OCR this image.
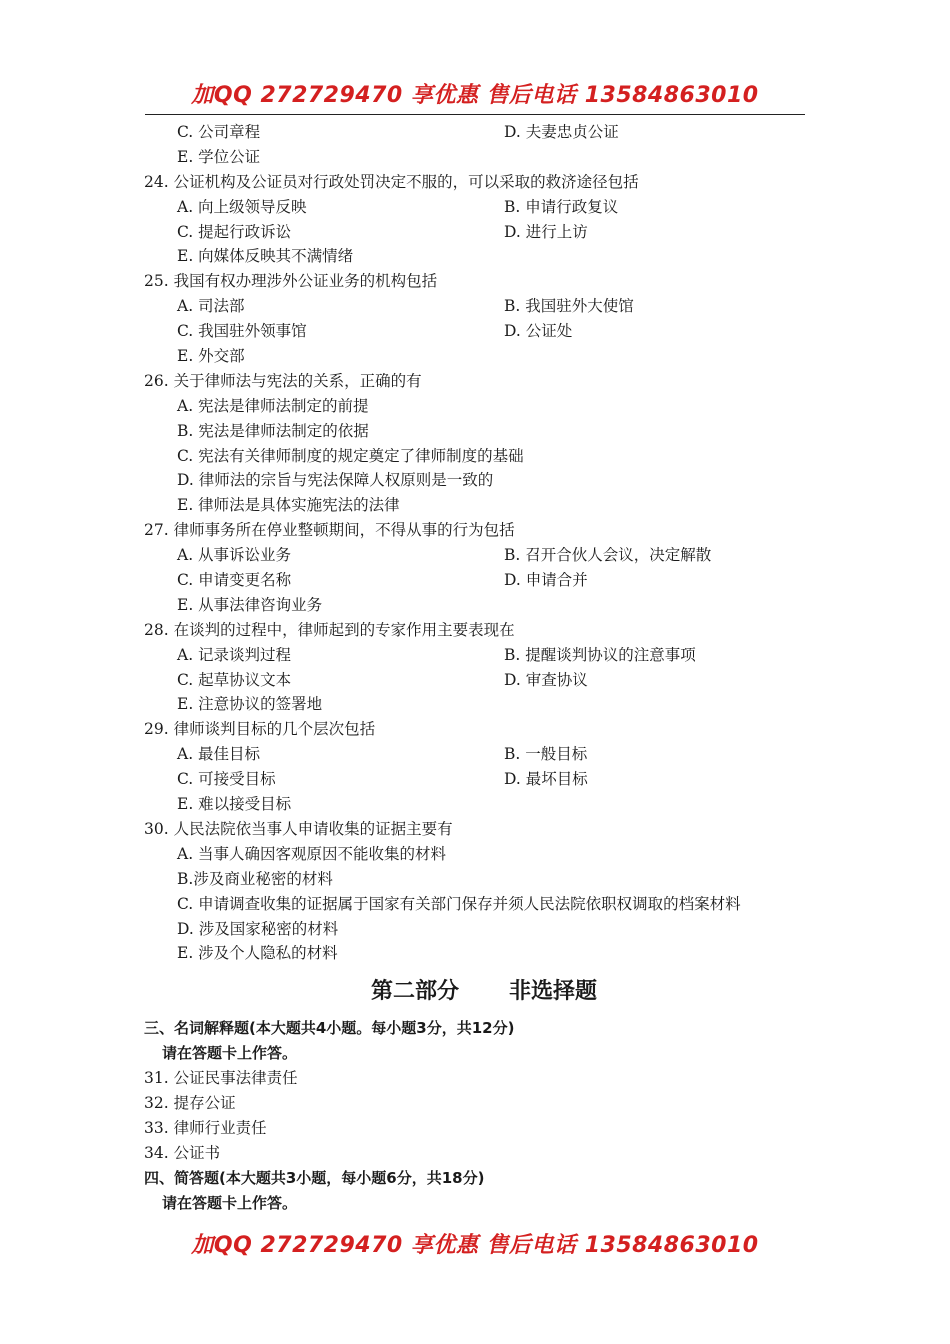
加QQ 272729470 享优惠 售后电话 13584863010
C. 公司章程	D. 夫妻忠贞公证
E. 学位公证
24. 公证机构及公证员对行政处罚决定不服的，可以采取的救济途径包括
A. 向上级领导反映	B. 申请行政复议
C. 提起行政诉讼	D. 进行上访
E. 向媒体反映其不满情绪
25. 我国有权办理涉外公证业务的机构包括
A. 司法部	B. 我国驻外大使馆
C. 我国驻外领事馆	D. 公证处
E. 外交部
26. 关于律师法与宪法的关系，正确的有
A. 宪法是律师法制定的前提
B. 宪法是律师法制定的依据
C. 宪法有关律师制度的规定奠定了律师制度的基础
D. 律师法的宗旨与宪法保障人权原则是一致的
E. 律师法是具体实施宪法的法律
27. 律师事务所在停业整顿期间，不得从事的行为包括
A. 从事诉讼业务	B. 召开合伙人会议，决定解散
C. 申请变更名称	D. 申请合并
E. 从事法律咨询业务
28. 在谈判的过程中，律师起到的专家作用主要表现在
A. 记录谈判过程	B. 提醒谈判协议的注意事项
C. 起草协议文本	D. 审查协议
E. 注意协议的签署地
29. 律师谈判目标的几个层次包括
A. 最佳目标	B. 一般目标
C. 可接受目标	D. 最坏目标
E. 难以接受目标
30. 人民法院依当事人申请收集的证据主要有
A. 当事人确因客观原因不能收集的材料
B.涉及商业秘密的材料
C. 申请调查收集的证据属于国家有关部门保存并须人民法院依职权调取的档案材料
D. 涉及国家秘密的材料
E. 涉及个人隐私的材料
第二部分 非选择题
三、名词解释题(本大题共4小题。每小题3分，共12分)
请在答题卡上作答。
31. 公证民事法律责任
32. 提存公证
33. 律师行业责任
34. 公证书
四、简答题(本大题共3小题，每小题6分，共18分)
请在答题卡上作答。
加QQ 272729470 享优惠 售后电话 13584863010
